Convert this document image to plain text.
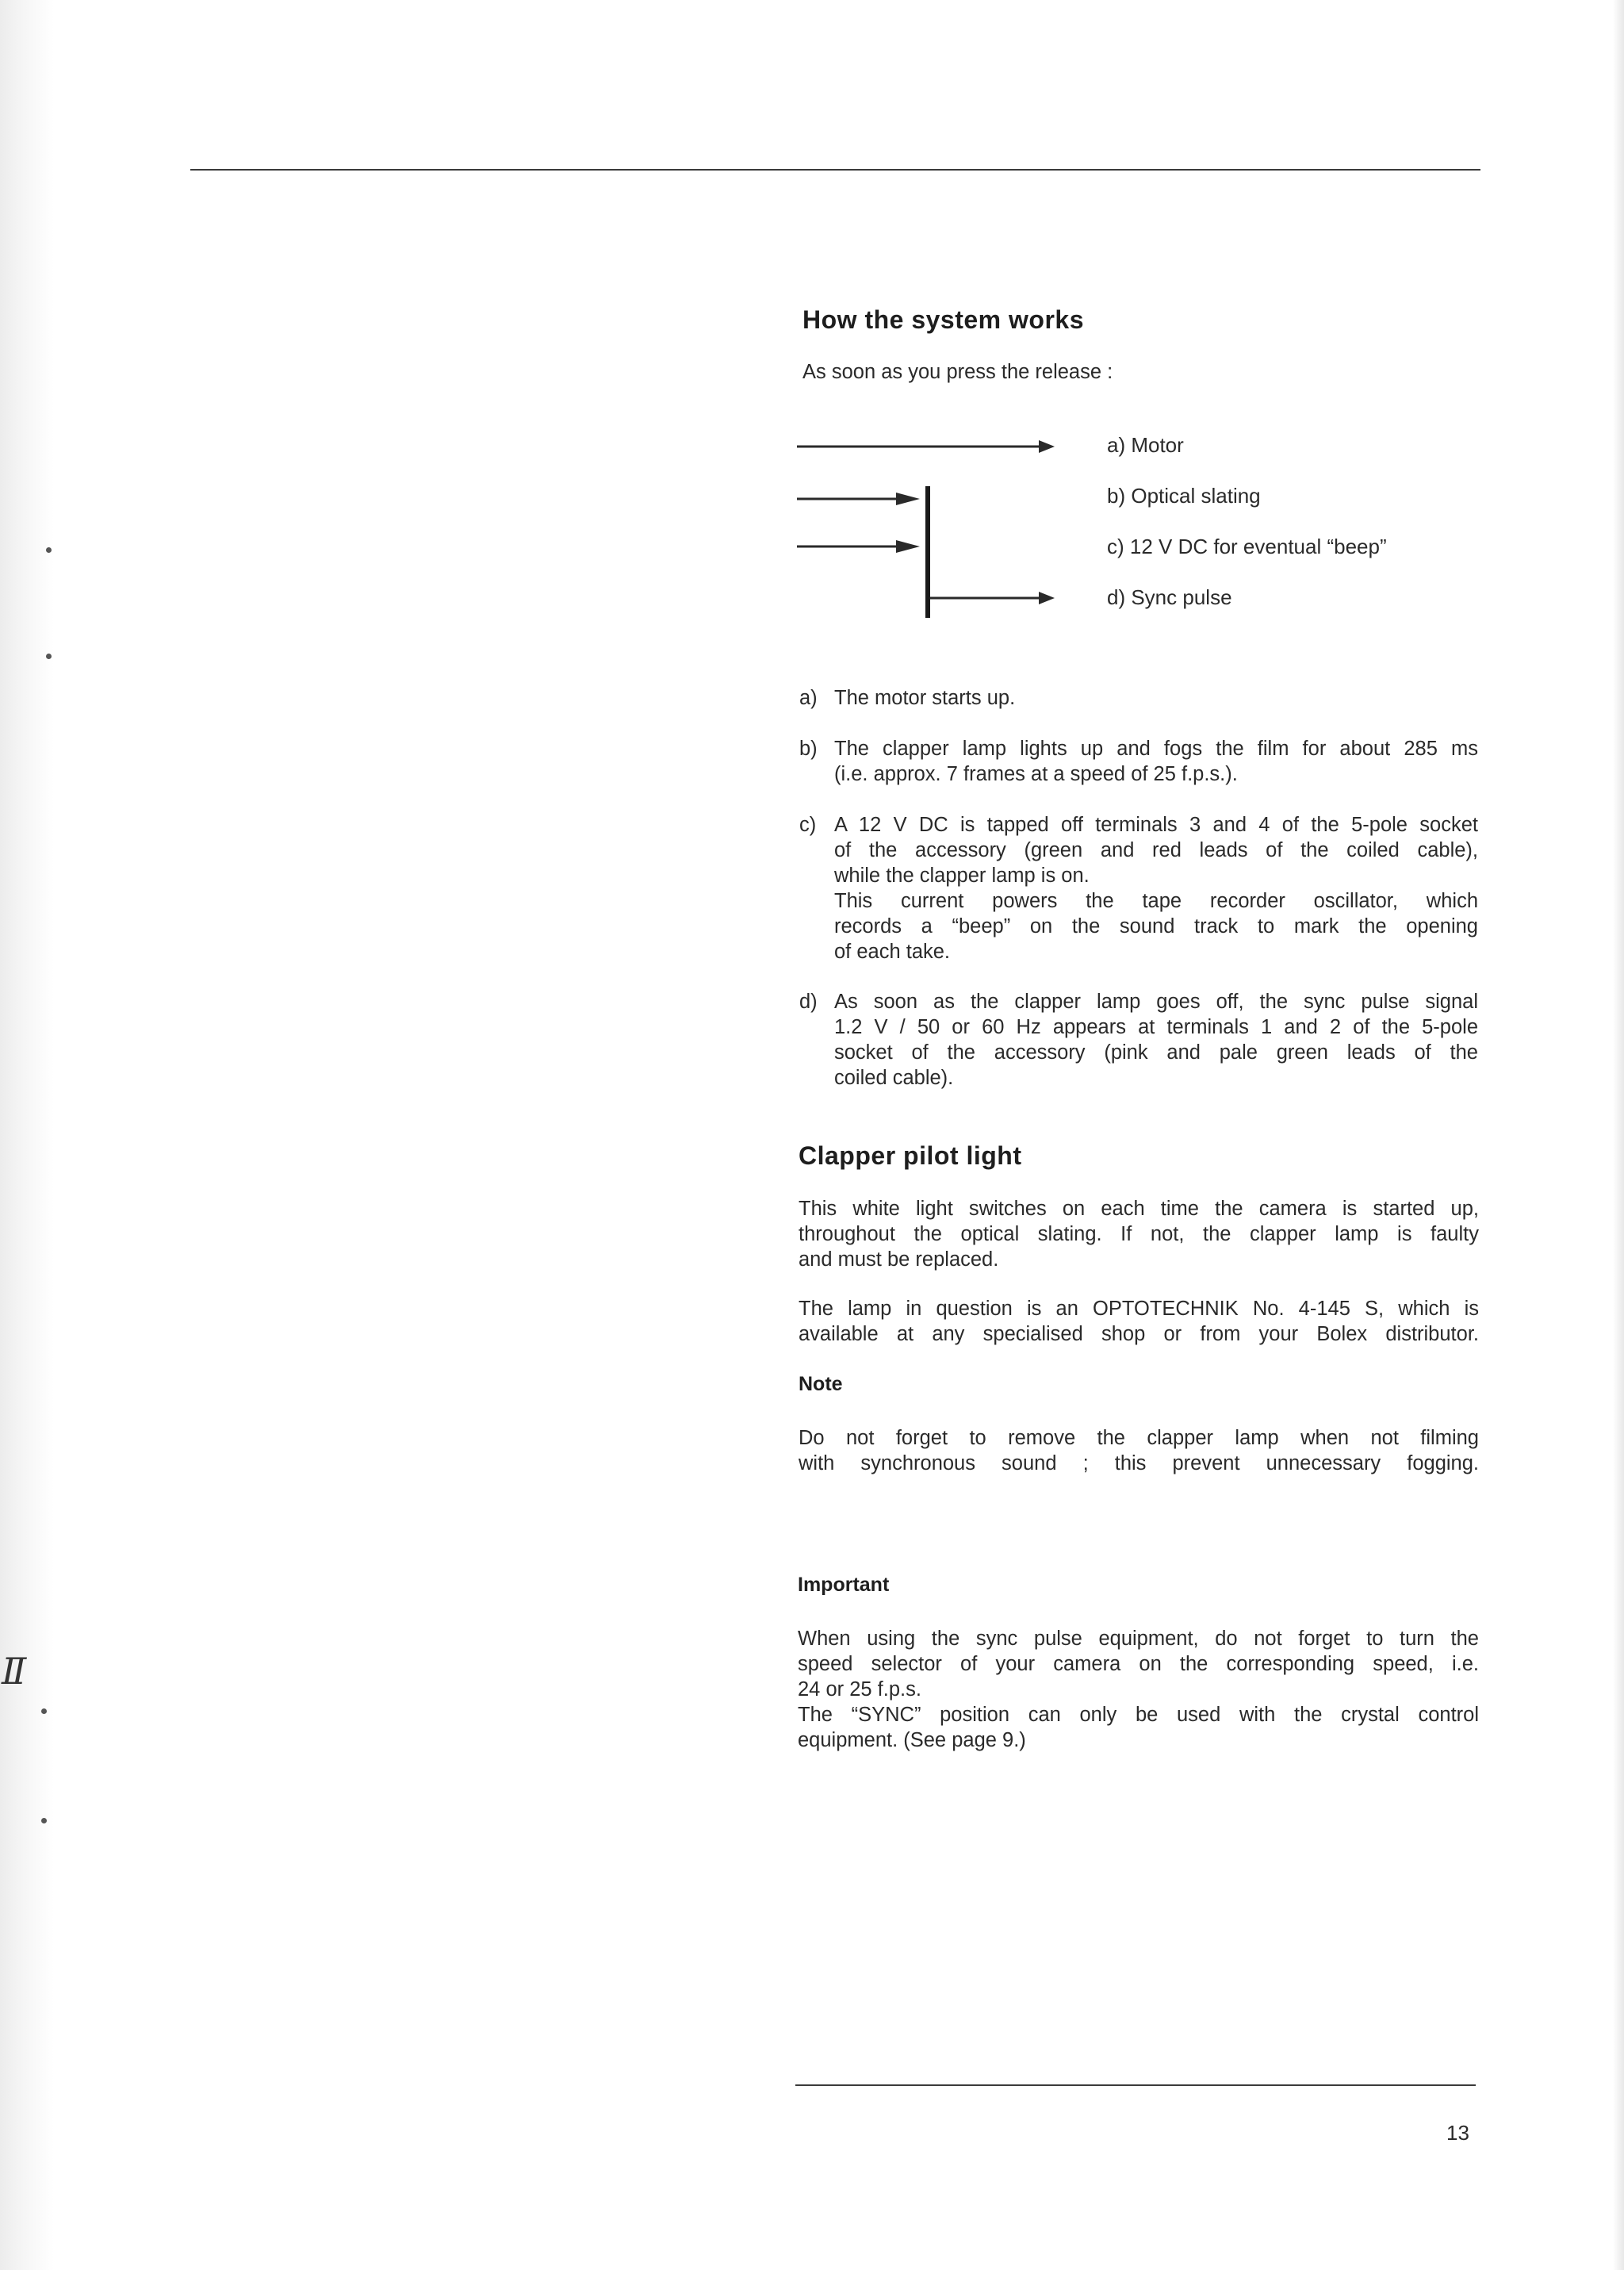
Ⅱ
How the system works
As soon as you press the release :
a) Motor
b) Optical slating
c) 12 V DC for eventual “beep”
d) Sync pulse
a) The motor starts up.
b) The clapper lamp lights up and fogs the film for about 285 ms
(i.e. approx. 7 frames at a speed of 25 f.p.s.).
c) A 12 V DC is tapped off terminals 3 and 4 of the 5-pole socket
of the accessory (green and red leads of the coiled cable),
while the clapper lamp is on.
This current powers the tape recorder oscillator, which
records a “beep” on the sound track to mark the opening
of each take.
d) As soon as the clapper lamp goes off, the sync pulse signal
1.2 V / 50 or 60 Hz appears at terminals 1 and 2 of the 5-pole
socket of the accessory (pink and pale green leads of the
coiled cable).
Clapper pilot light
This white light switches on each time the camera is started up,
throughout the optical slating. If not, the clapper lamp is faulty
and must be replaced.
The lamp in question is an OPTOTECHNIK No. 4-145 S, which is
available at any specialised shop or from your Bolex distributor.
Note
Do not forget to remove the clapper lamp when not filming
with synchronous sound ; this prevent unnecessary fogging.
Important
When using the sync pulse equipment, do not forget to turn the
speed selector of your camera on the corresponding speed, i.e.
24 or 25 f.p.s.
The “SYNC” position can only be used with the crystal control
equipment. (See page 9.)
13
